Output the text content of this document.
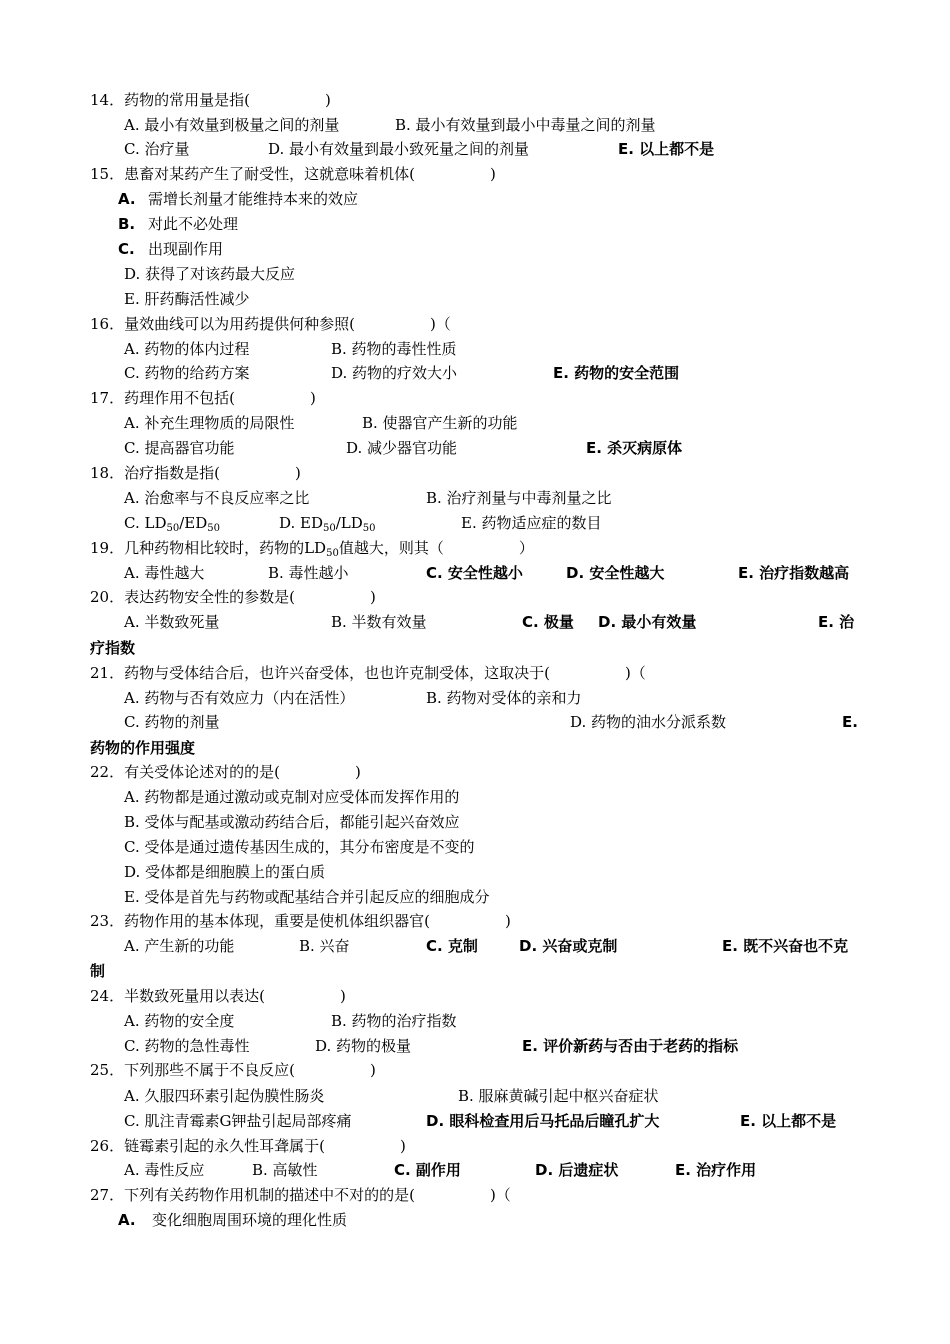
14．药物的常用量是指(　　　　　)
A. 最小有效量到极量之间的剂量	B. 最小有效量到最小中毒量之间的剂量
C. 治疗量	D. 最小有效量到最小致死量之间的剂量	E. 以上都不是
15．患畜对某药产生了耐受性，这就意味着机体(　　　　　)
A. 需增长剂量才能维持本来的效应
B. 对此不必处理
C. 出现副作用
D. 获得了对该药最大反应
E. 肝药酶活性减少
16．量效曲线可以为用药提供何种参照(　　　　　)（
A. 药物的体内过程	B. 药物的毒性性质
C. 药物的给药方案	D. 药物的疗效大小	E. 药物的安全范围
17．药理作用不包括(　　　　　)
A. 补充生理物质的局限性	B. 使器官产生新的功能
C. 提高器官功能	D. 减少器官功能	E. 杀灭病原体
18．治疗指数是指(　　　　　)
A. 治愈率与不良反应率之比	B. 治疗剂量与中毒剂量之比
C. $LD_{50}/ED_{50}$	D. $ED_{50}/LD_{50}$	E. 药物适应症的数目
19．几种药物相比较时，药物的$LD_{50}$值越大，则其（　　　　　）
A. 毒性越大	B. 毒性越小	C. 安全性越小	D. 安全性越大	E. 治疗指数越高
20．表达药物安全性的参数是(　　　　　)
A. 半数致死量	B. 半数有效量	C. 极量 D. 最小有效量	E. 治
疗指数
21．药物与受体结合后，也许兴奋受体，也也许克制受体，这取决于(　　　　　)（
A. 药物与否有效应力（内在活性）	B. 药物对受体的亲和力
C. 药物的剂量	D. 药物的油水分派系数	E.
药物的作用强度
22．有关受体论述对的的是(　　　　　)
A. 药物都是通过激动或克制对应受体而发挥作用的
B. 受体与配基或激动药结合后，都能引起兴奋效应
C. 受体是通过遗传基因生成的，其分布密度是不变的
D. 受体都是细胞膜上的蛋白质
E. 受体是首先与药物或配基结合并引起反应的细胞成分
23．药物作用的基本体现，重要是使机体组织器官(　　　　　)
A. 产生新的功能	B. 兴奋	C. 克制	D. 兴奋或克制	E. 既不兴奋也不克
制
24．半数致死量用以表达(　　　　　)
A. 药物的安全度	B. 药物的治疗指数
C. 药物的急性毒性	D. 药物的极量	E. 评价新药与否由于老药的指标
25．下列那些不属于不良反应(　　　　　)
A. 久服四环素引起伪膜性肠炎	B. 服麻黄碱引起中枢兴奋症状
C. 肌注青霉素G钾盐引起局部疼痛	D. 眼科检查用后马托品后瞳孔扩大	E. 以上都不是
26．链霉素引起的永久性耳聋属于(　　　　　)
A. 毒性反应	B. 高敏性	C. 副作用	D. 后遗症状	E. 治疗作用
27．下列有关药物作用机制的描述中不对的的是(　　　　　)（
A. 变化细胞周围环境的理化性质
